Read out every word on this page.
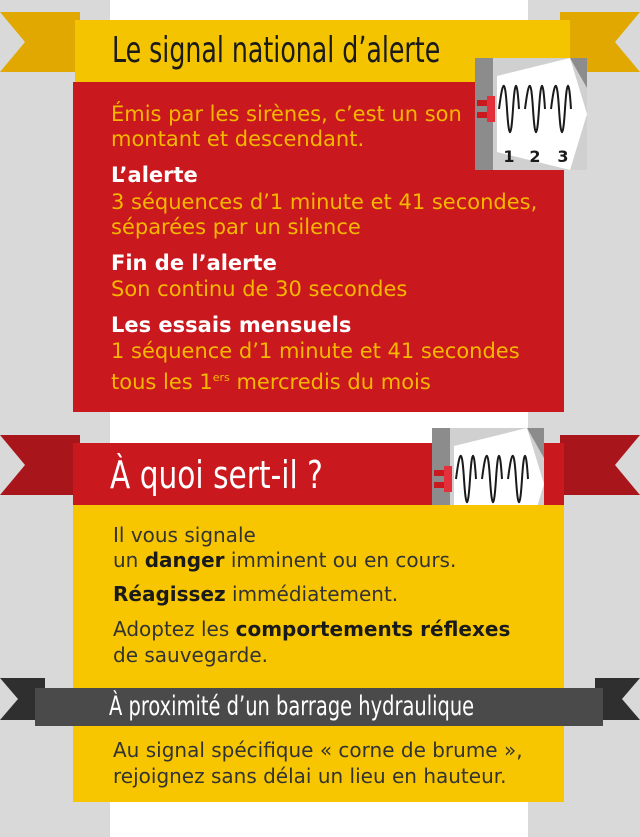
Le signal national d’alerte
Émis par les sirènes, c’est un son montant et descendant.
L’alerte
3 séquences d’1 minute et 41 secondes, séparées par un silence
Fin de l’alerte
Son continu de 30 secondes
Les essais mensuels
1 séquence d’1 minute et 41 secondes
tous les 1ers mercredis du mois
1 2 3
À quoi sert-il ?
Il vous signale
un danger imminent ou en cours.
Réagissez immédiatement.
Adoptez les comportements réflexes
de sauvegarde.
Au signal spécifique « corne de brume »,
rejoignez sans délai un lieu en hauteur.
À proximité d’un barrage hydraulique
